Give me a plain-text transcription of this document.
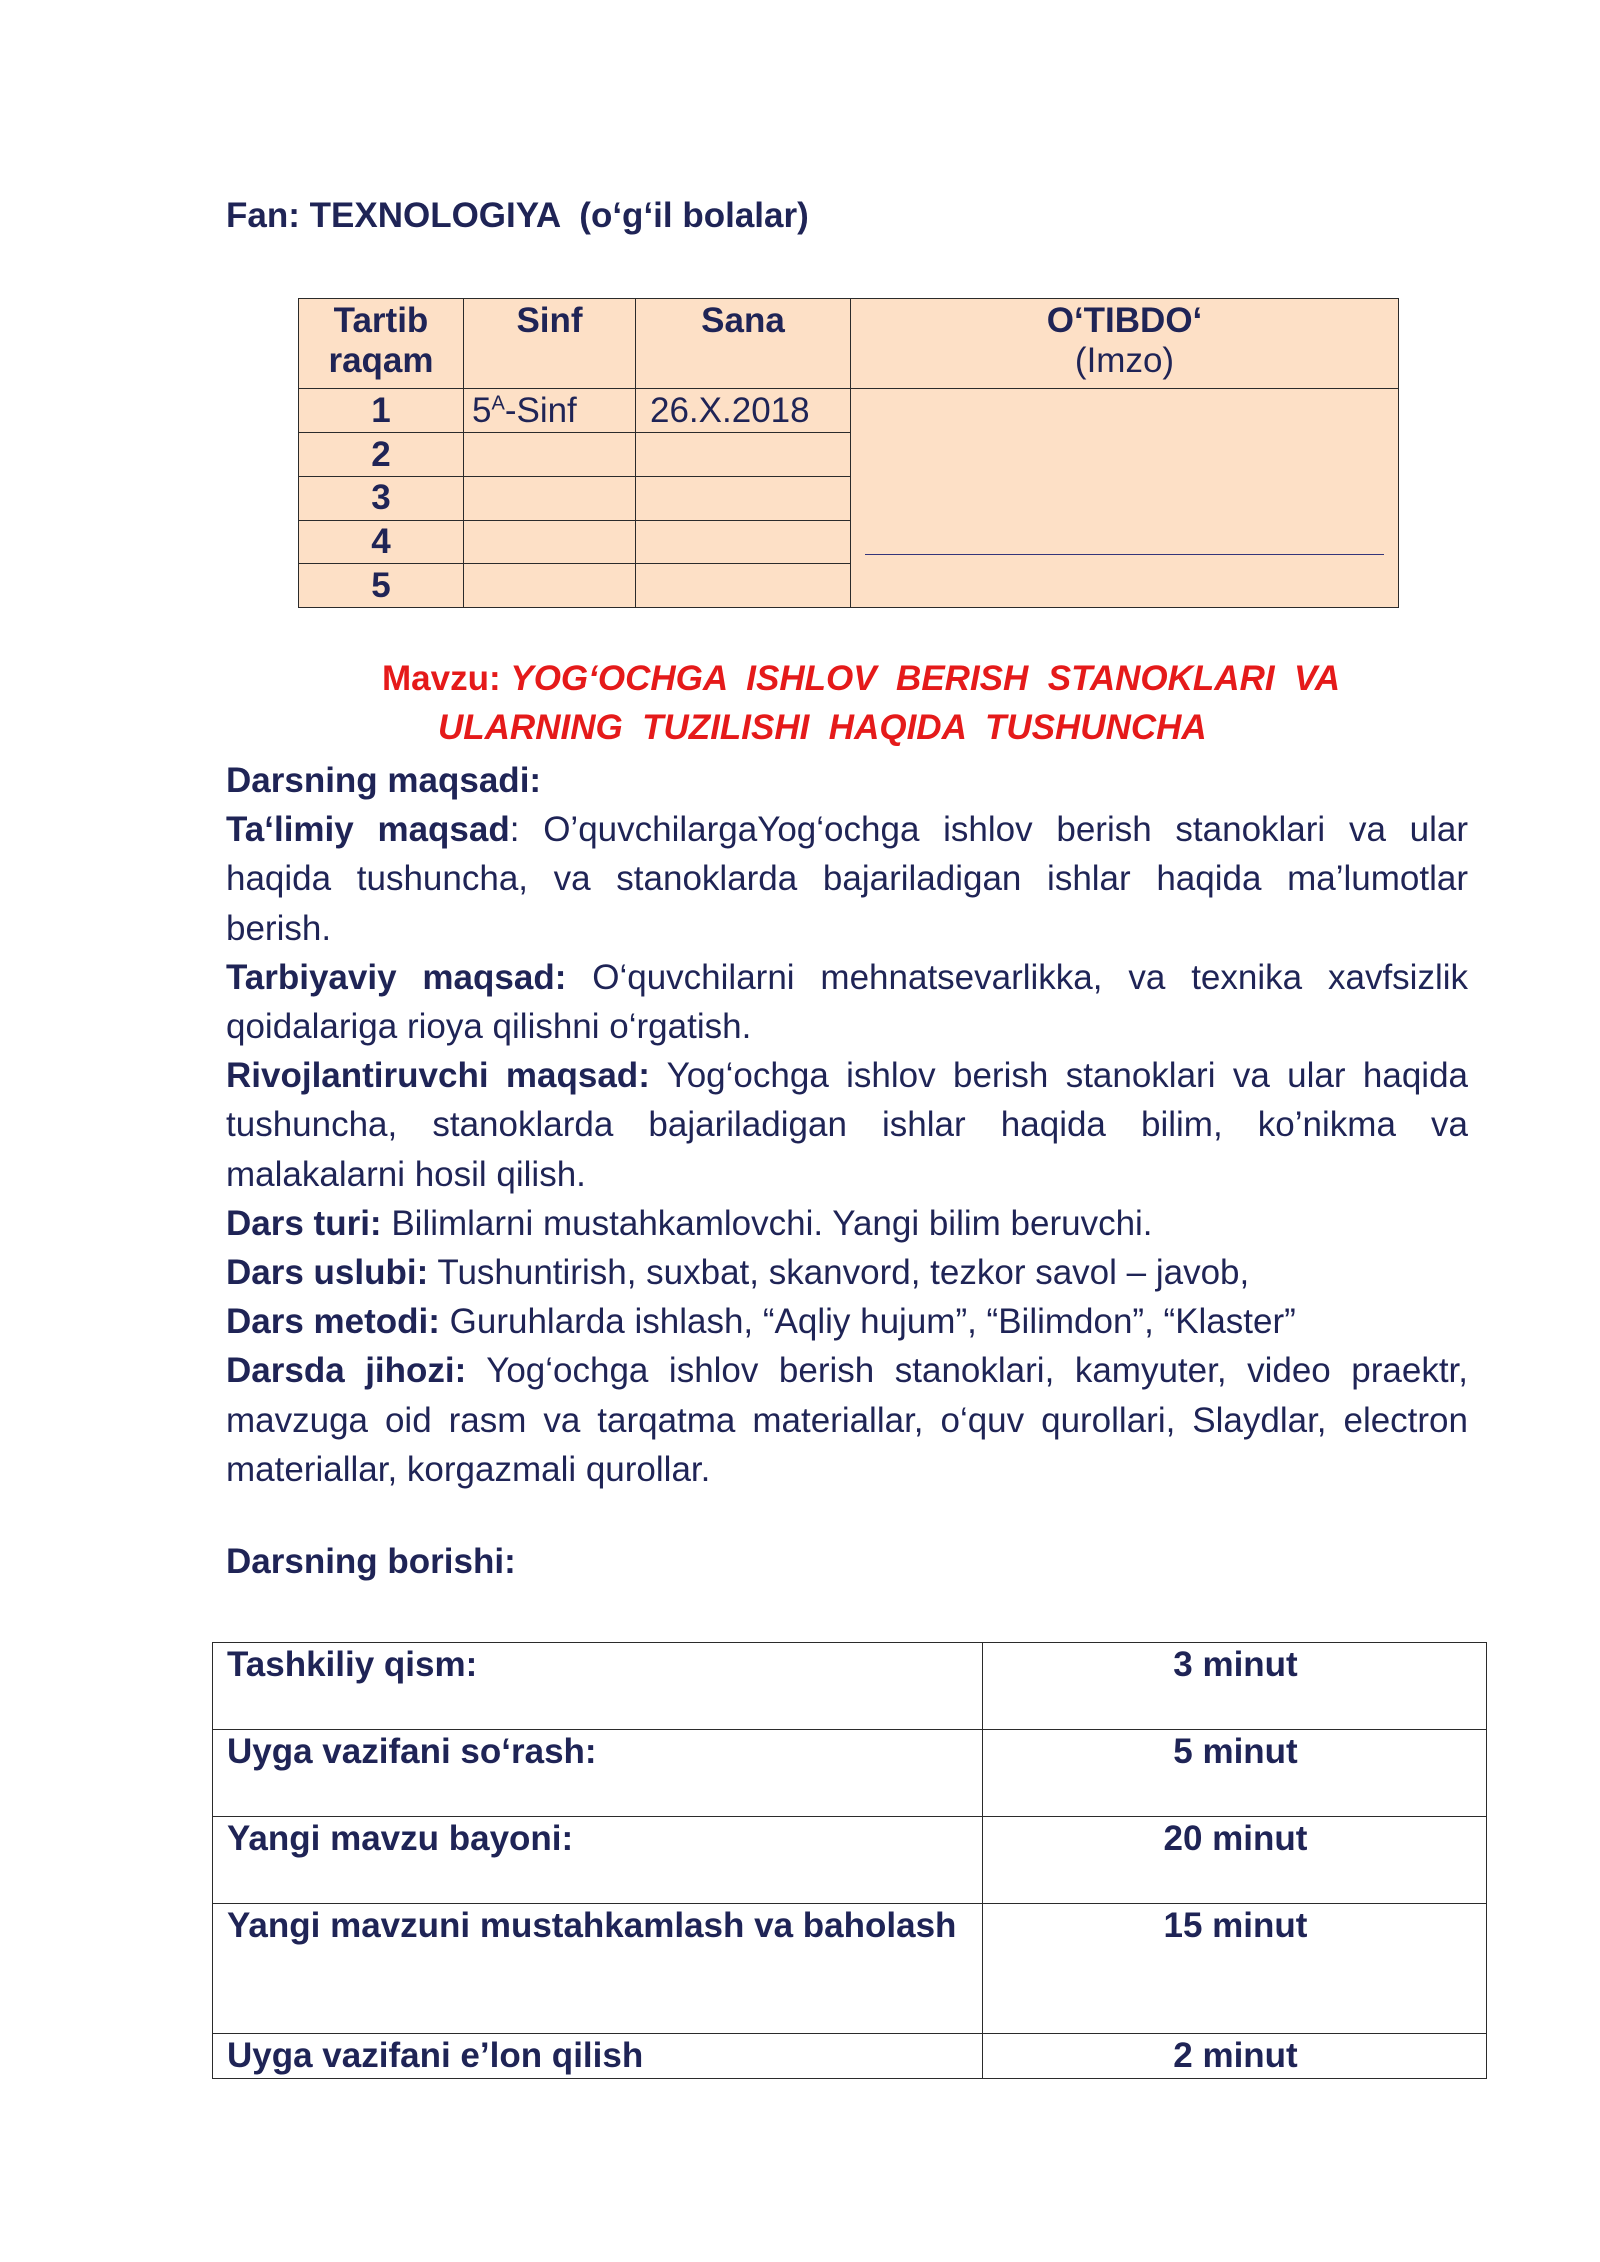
Fan: TEXNOLOGIYA  (o‘g‘il bolalar)

Tartib raqam	Sinf	Sana	O‘TIBDO‘
(Imzo)

1	$5^A$-Sinf	26.X.2018	

2			
3			
4			
5			

Mavzu: YOG‘OCHGA  ISHLOV  BERISH  STANOKLARI  VA

ULARNING  TUZILISHI  HAQIDA  TUSHUNCHA

Darsning maqsadi:

Ta‘limiy maqsad: O’quvchilargaYog‘ochga ishlov berish stanoklari va ular haqida tushuncha, va stanoklarda bajariladigan ishlar haqida ma’lumotlar berish.

Tarbiyaviy maqsad: O‘quvchilarni mehnatsevarlikka, va texnika xavfsizlik qoidalariga rioya qilishni o‘rgatish.

Rivojlantiruvchi maqsad: Yog‘ochga ishlov berish stanoklari va ular haqida tushuncha, stanoklarda bajariladigan ishlar haqida bilim, ko’nikma va malakalarni hosil qilish.

Dars turi: Bilimlarni mustahkamlovchi. Yangi bilim beruvchi.

Dars uslubi: Tushuntirish, suxbat, skanvord, tezkor savol – javob,

Dars metodi: Guruhlarda ishlash, “Aqliy hujum”, “Bilimdon”, “Klaster”

Darsda jihozi: Yog‘ochga ishlov berish stanoklari, kamyuter, video praektr, mavzuga oid rasm va tarqatma materiallar, o‘quv qurollari, Slaydlar, electron materiallar, korgazmali qurollar.

Darsning borishi:

Tashkiliy qism:	3 minut
Uyga vazifani so‘rash:	5 minut
Yangi mavzu bayoni:	20 minut
Yangi mavzuni mustahkamlash va baholash	15 minut
Uyga vazifani e’lon qilish	2 minut
